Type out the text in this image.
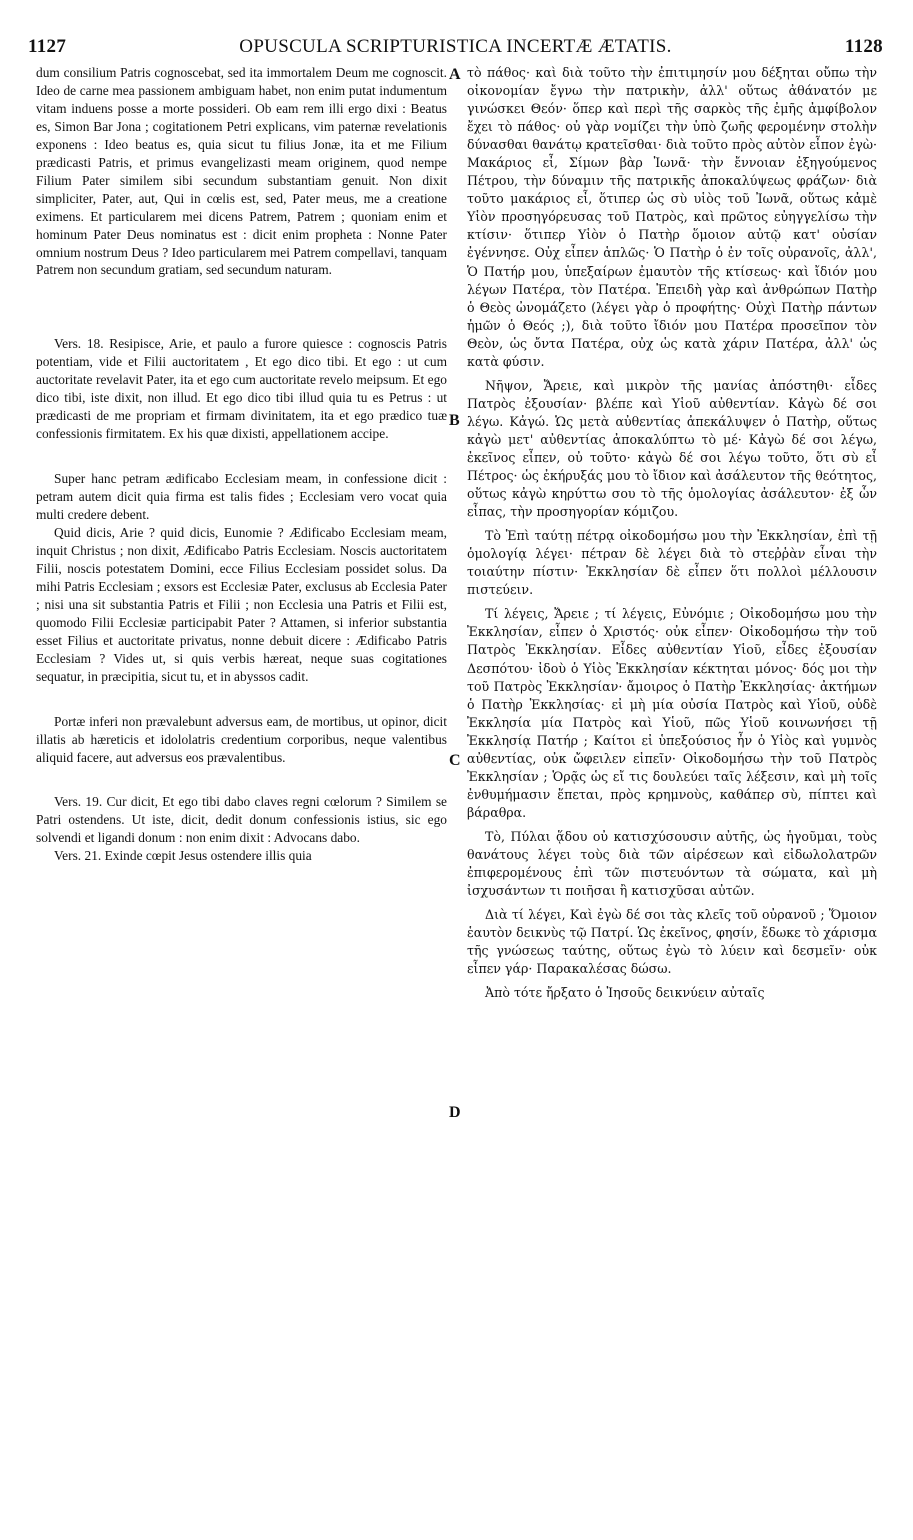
1127	OPUSCULA SCRIPTURISTICA INCERTÆ ÆTATIS.	1128

dum consilium Patris cognoscebat, sed ita immortalem Deum me cognoscit. Ideo de carne mea passionem ambiguam habet, non enim putat indumentum vitam induens posse a morte possideri. Ob eam rem illi ergo dixi : Beatus es, Simon Bar Jona ; cogitationem Petri explicans, vim paternæ revelationis exponens : Ideo beatus es, quia sicut tu filius Jonæ, ita et me Filium prædicasti Patris, et primus evangelizasti meam originem, quod nempe Filium Pater similem sibi secundum substantiam genuit. Non dixit simpliciter, Pater, aut, Qui in cœlis est, sed, Pater meus, me a creatione eximens. Et particularem mei dicens Patrem, Patrem ; quoniam enim et hominum Pater Deus nominatus est : dicit enim propheta : Nonne Pater omnium nostrum Deus ? Ideo particularem mei Patrem compellavi, tanquam Patrem non secundum gratiam, sed secundum naturam.

Vers. 18. Resipisce, Arie, et paulo a furore quiesce : cognoscis Patris potentiam, vide et Filii auctoritatem , Et ego dico tibi. Et ego : ut cum auctoritate revelavit Pater, ita et ego cum auctoritate revelo meipsum. Et ego dico tibi, iste dixit, non illud. Et ego dico tibi illud quia tu es Petrus : ut prædicasti de me propriam et firmam divinitatem, ita et ego prædico tuæ confessionis firmitatem. Ex his quæ dixisti, appellationem accipe.

Super hanc petram ædificabo Ecclesiam meam, in confessione dicit : petram autem dicit quia firma est talis fides ; Ecclesiam vero vocat quia multi credere debent.

Quid dicis, Arie ? quid dicis, Eunomie ? Ædificabo Ecclesiam meam, inquit Christus ; non dixit, Ædificabo Patris Ecclesiam. Noscis auctoritatem Filii, noscis potestatem Domini, ecce Filius Ecclesiam possidet solus. Da mihi Patris Ecclesiam ; exsors est Ecclesiæ Pater, exclusus ab Ecclesia Pater ; nisi una sit substantia Patris et Filii ; non Ecclesia una Patris et Filii est, quomodo Filii Ecclesiæ participabit Pater ? Attamen, si inferior substantia esset Filius et auctoritate privatus, nonne debuit dicere : Ædificabo Patris Ecclesiam ? Vides ut, si quis verbis hæreat, neque suas cogitationes sequatur, in præcipitia, sicut tu, et in abyssos cadit.

Portæ inferi non prævalebunt adversus eam, de mortibus, ut opinor, dicit illatis ab hæreticis et idololatris credentium corporibus, neque valentibus aliquid facere, aut adversus eos prævalentibus.

Vers. 19. Cur dicit, Et ego tibi dabo claves regni cœlorum ? Similem se Patri ostendens. Ut iste, dicit, dedit donum confessionis istius, sic ego solvendi et ligandi donum : non enim dixit : Advocans dabo.

Vers. 21. Exinde cœpit Jesus ostendere illis quia

A
B
C
D

τὸ πάθος· καὶ διὰ τοῦτο τὴν ἐπιτιμησίν μου δέξηται οὔπω τὴν οἰκονομίαν ἔγνω τὴν πατρικὴν, ἀλλ' οὕτως ἀθάνατόν με γινώσκει Θεόν· ὅπερ καὶ περὶ τῆς σαρκὸς τῆς ἐμῆς ἀμφίβολον ἔχει τὸ πάθος· οὐ γὰρ νομίζει τὴν ὑπὸ ζωῆς φερομένην στολὴν δύνασθαι θανάτῳ κρατεῖσθαι· διὰ τοῦτο πρὸς αὐτὸν εἶπον ἐγὼ· Μακάριος εἶ, Σίμων βὰρ Ἰωνᾶ· τὴν ἔννοιαν ἐξηγούμενος Πέτρου, τὴν δύναμιν τῆς πατρικῆς ἀποκαλύψεως φράζων· διὰ τοῦτο μακάριος εἶ, ὅτιπερ ὡς σὺ υἱὸς τοῦ Ἰωνᾶ, οὕτως κἀμὲ Υἱὸν προσηγόρευσας τοῦ Πατρὸς, καὶ πρῶτος εὐηγγελίσω τὴν κτίσιν· ὅτιπερ Υἱὸν ὁ Πατὴρ ὅμοιον αὐτῷ κατ' οὐσίαν ἐγέννησε. Οὐχ εἶπεν ἁπλῶς· Ὁ Πατὴρ ὁ ἐν τοῖς οὐρανοῖς, ἀλλ', Ὁ Πατήρ μου, ὑπεξαίρων ἐμαυτὸν τῆς κτίσεως· καὶ ἴδιόν μου λέγων Πατέρα, τὸν Πατέρα. Ἐπειδὴ γὰρ καὶ ἀνθρώπων Πατὴρ ὁ Θεὸς ὠνομάζετο (λέγει γὰρ ὁ προφήτης· Οὐχὶ Πατὴρ πάντων ἡμῶν ὁ Θεός ;), διὰ τοῦτο ἴδιόν μου Πατέρα προσεῖπον τὸν Θεὸν, ὡς ὄντα Πατέρα, οὐχ ὡς κατὰ χάριν Πατέρα, ἀλλ' ὡς κατὰ φύσιν.

Νῆψον, Ἄρειε, καὶ μικρὸν τῆς μανίας ἀπόστηθι· εἶδες Πατρὸς ἐξουσίαν· βλέπε καὶ Υἱοῦ αὐθεντίαν. Κἀγὼ δέ σοι λέγω. Κἀγώ. Ὡς μετὰ αὐθεντίας ἀπεκάλυψεν ὁ Πατὴρ, οὕτως κἀγὼ μετ' αὐθεντίας ἀποκαλύπτω τὸ μέ· Κἀγὼ δέ σοι λέγω, ἐκεῖνος εἶπεν, οὐ τοῦτο· κἀγὼ δέ σοι λέγω τοῦτο, ὅτι σὺ εἶ Πέτρος· ὡς ἐκήρυξάς μου τὸ ἴδιον καὶ ἀσάλευτον τῆς θεότητος, οὕτως κἀγὼ κηρύττω σου τὸ τῆς ὁμολογίας ἀσάλευτον· ἐξ ὧν εἶπας, τὴν προσηγορίαν κόμιζου.

Τὸ Ἐπὶ ταύτῃ πέτρᾳ οἰκοδομήσω μου τὴν Ἐκκλησίαν, ἐπὶ τῇ ὁμολογίᾳ λέγει· πέτραν δὲ λέγει διὰ τὸ στεῤῥὰν εἶναι τὴν τοιαύτην πίστιν· Ἐκκλησίαν δὲ εἶπεν ὅτι πολλοὶ μέλλουσιν πιστεύειν.

Τί λέγεις, Ἄρειε ; τί λέγεις, Εὐνόμιε ; Οἰκοδομήσω μου τὴν Ἐκκλησίαν, εἶπεν ὁ Χριστός· οὐκ εἶπεν· Οἰκοδομήσω τὴν τοῦ Πατρὸς Ἐκκλησίαν. Εἶδες αὐθεντίαν Υἱοῦ, εἶδες ἐξουσίαν Δεσπότου· ἰδοὺ ὁ Υἱὸς Ἐκκλησίαν κέκτηται μόνος· δός μοι τὴν τοῦ Πατρὸς Ἐκκλησίαν· ἄμοιρος ὁ Πατὴρ Ἐκκλησίας· ἀκτήμων ὁ Πατὴρ Ἐκκλησίας· εἰ μὴ μία οὐσία Πατρὸς καὶ Υἱοῦ, οὐδὲ Ἐκκλησία μία Πατρὸς καὶ Υἱοῦ, πῶς Υἱοῦ κοινωνήσει τῇ Ἐκκλησίᾳ Πατήρ ; Καίτοι εἰ ὑπεξούσιος ἦν ὁ Υἱὸς καὶ γυμνὸς αὐθεντίας, οὐκ ὤφειλεν εἰπεῖν· Οἰκοδομήσω τὴν τοῦ Πατρὸς Ἐκκλησίαν ; Ὁρᾷς ὡς εἴ τις δουλεύει ταῖς λέξεσιν, καὶ μὴ τοῖς ἐνθυμήμασιν ἕπεται, πρὸς κρημνοὺς, καθάπερ σὺ, πίπτει καὶ βάραθρα.

Τὸ, Πύλαι ᾅδου οὐ κατισχύσουσιν αὐτῆς, ὡς ἡγοῦμαι, τοὺς θανάτους λέγει τοὺς διὰ τῶν αἱρέσεων καὶ εἰδωλολατρῶν ἐπιφερομένους ἐπὶ τῶν πιστευόντων τὰ σώματα, καὶ μὴ ἰσχυσάντων τι ποιῆσαι ἢ κατισχῦσαι αὐτῶν.

Διὰ τί λέγει, Καὶ ἐγὼ δέ σοι τὰς κλεῖς τοῦ οὐρανοῦ ; Ὅμοιον ἑαυτὸν δεικνὺς τῷ Πατρί. Ὡς ἐκεῖνος, φησίν, ἔδωκε τὸ χάρισμα τῆς γνώσεως ταύτης, οὕτως ἐγὼ τὸ λύειν καὶ δεσμεῖν· οὐκ εἶπεν γάρ· Παρακαλέσας δώσω.

Ἀπὸ τότε ἤρξατο ὁ Ἰησοῦς δεικνύειν αὐταῖς
